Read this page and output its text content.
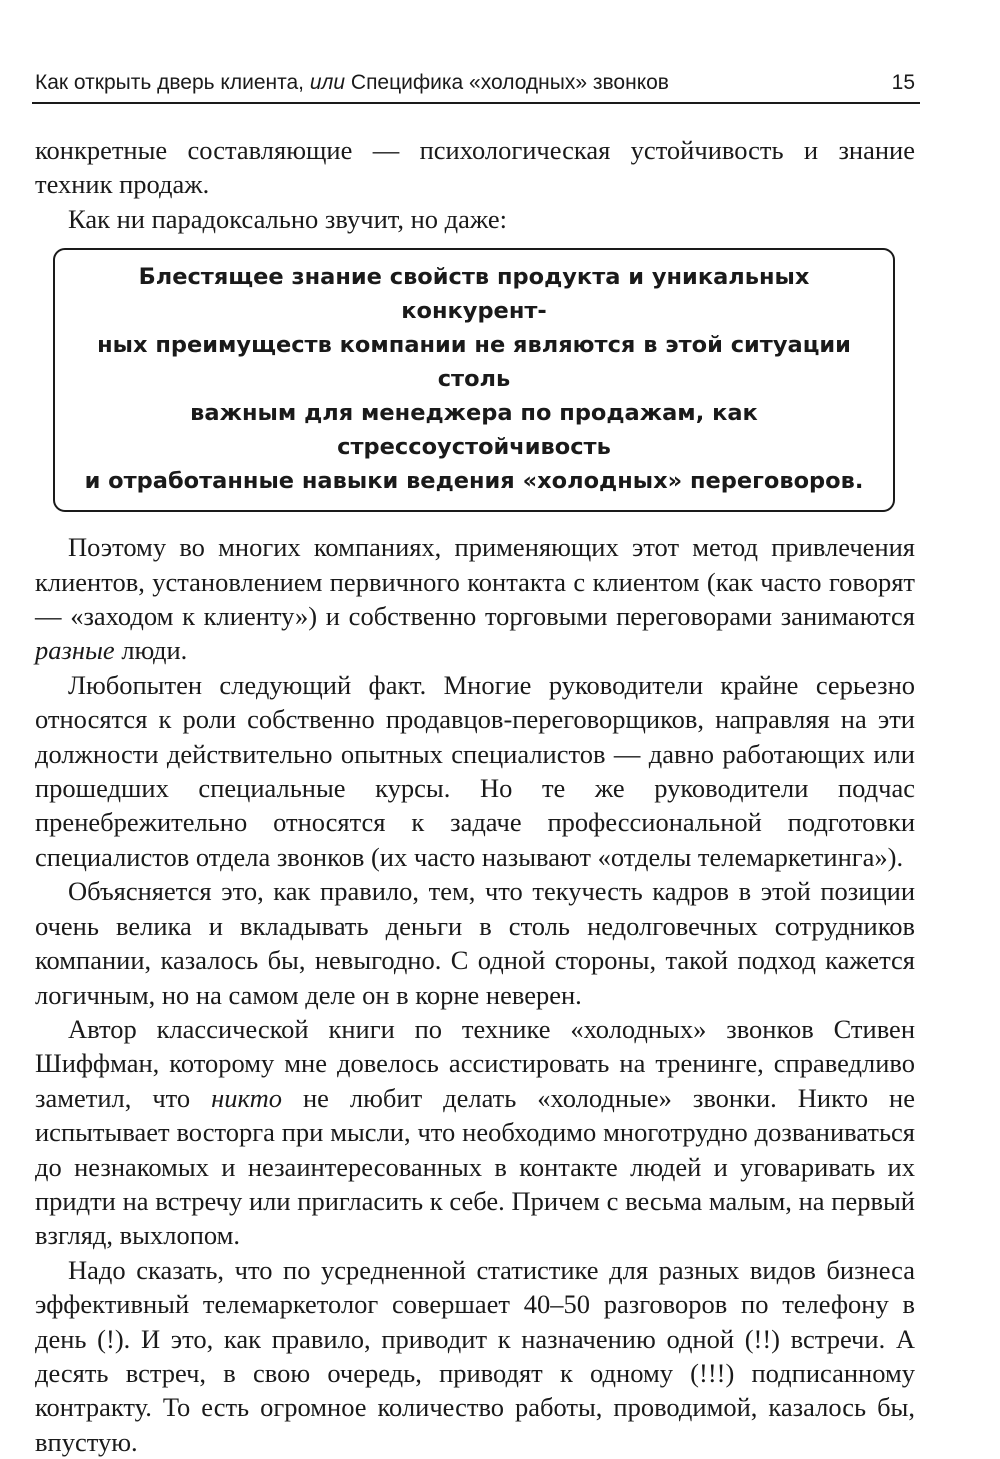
Как открыть дверь клиента, или Специфика «холодных» звонков	15

конкретные составляющие — психологическая устойчивость и знание техник продаж.

Как ни парадоксально звучит, но даже:

Блестящее знание свойств продукта и уникальных конкурент-
ных преимуществ компании не являются в этой ситуации столь
важным для менеджера по продажам, как стрессоустойчивость
и отработанные навыки ведения «холодных» переговоров.

Поэтому во многих компаниях, применяющих этот метод привлечения клиентов, установлением первичного контакта с клиентом (как часто говорят — «заходом к клиенту») и собственно торговыми переговорами занимаются разные люди.

Любопытен следующий факт. Многие руководители крайне серьезно относятся к роли собственно продавцов-переговорщиков, направляя на эти должности действительно опытных специалистов — давно работающих или прошедших специальные курсы. Но те же руководители подчас пренебрежительно относятся к задаче профессиональной подготовки специалистов отдела звонков (их часто называют «отделы телемаркетинга»).

Объясняется это, как правило, тем, что текучесть кадров в этой позиции очень велика и вкладывать деньги в столь недолговечных сотрудников компании, казалось бы, невыгодно. С одной стороны, такой подход кажется логичным, но на самом деле он в корне неверен.

Автор классической книги по технике «холодных» звонков Стивен Шиффман, которому мне довелось ассистировать на тренинге, справедливо заметил, что никто не любит делать «холодные» звонки. Никто не испытывает восторга при мысли, что необходимо многотрудно дозваниваться до незнакомых и незаинтересованных в контакте людей и уговаривать их придти на встречу или пригласить к себе. Причем с весьма малым, на первый взгляд, выхлопом.

Надо сказать, что по усредненной статистике для разных видов бизнеса эффективный телемаркетолог совершает 40–50 разговоров по телефону в день (!). И это, как правило, приводит к назначению одной (!!) встречи. А десять встреч, в свою очередь, приводят к одному (!!!) подписанному контракту. То есть огромное количество работы, проводимой, казалось бы, впустую.
